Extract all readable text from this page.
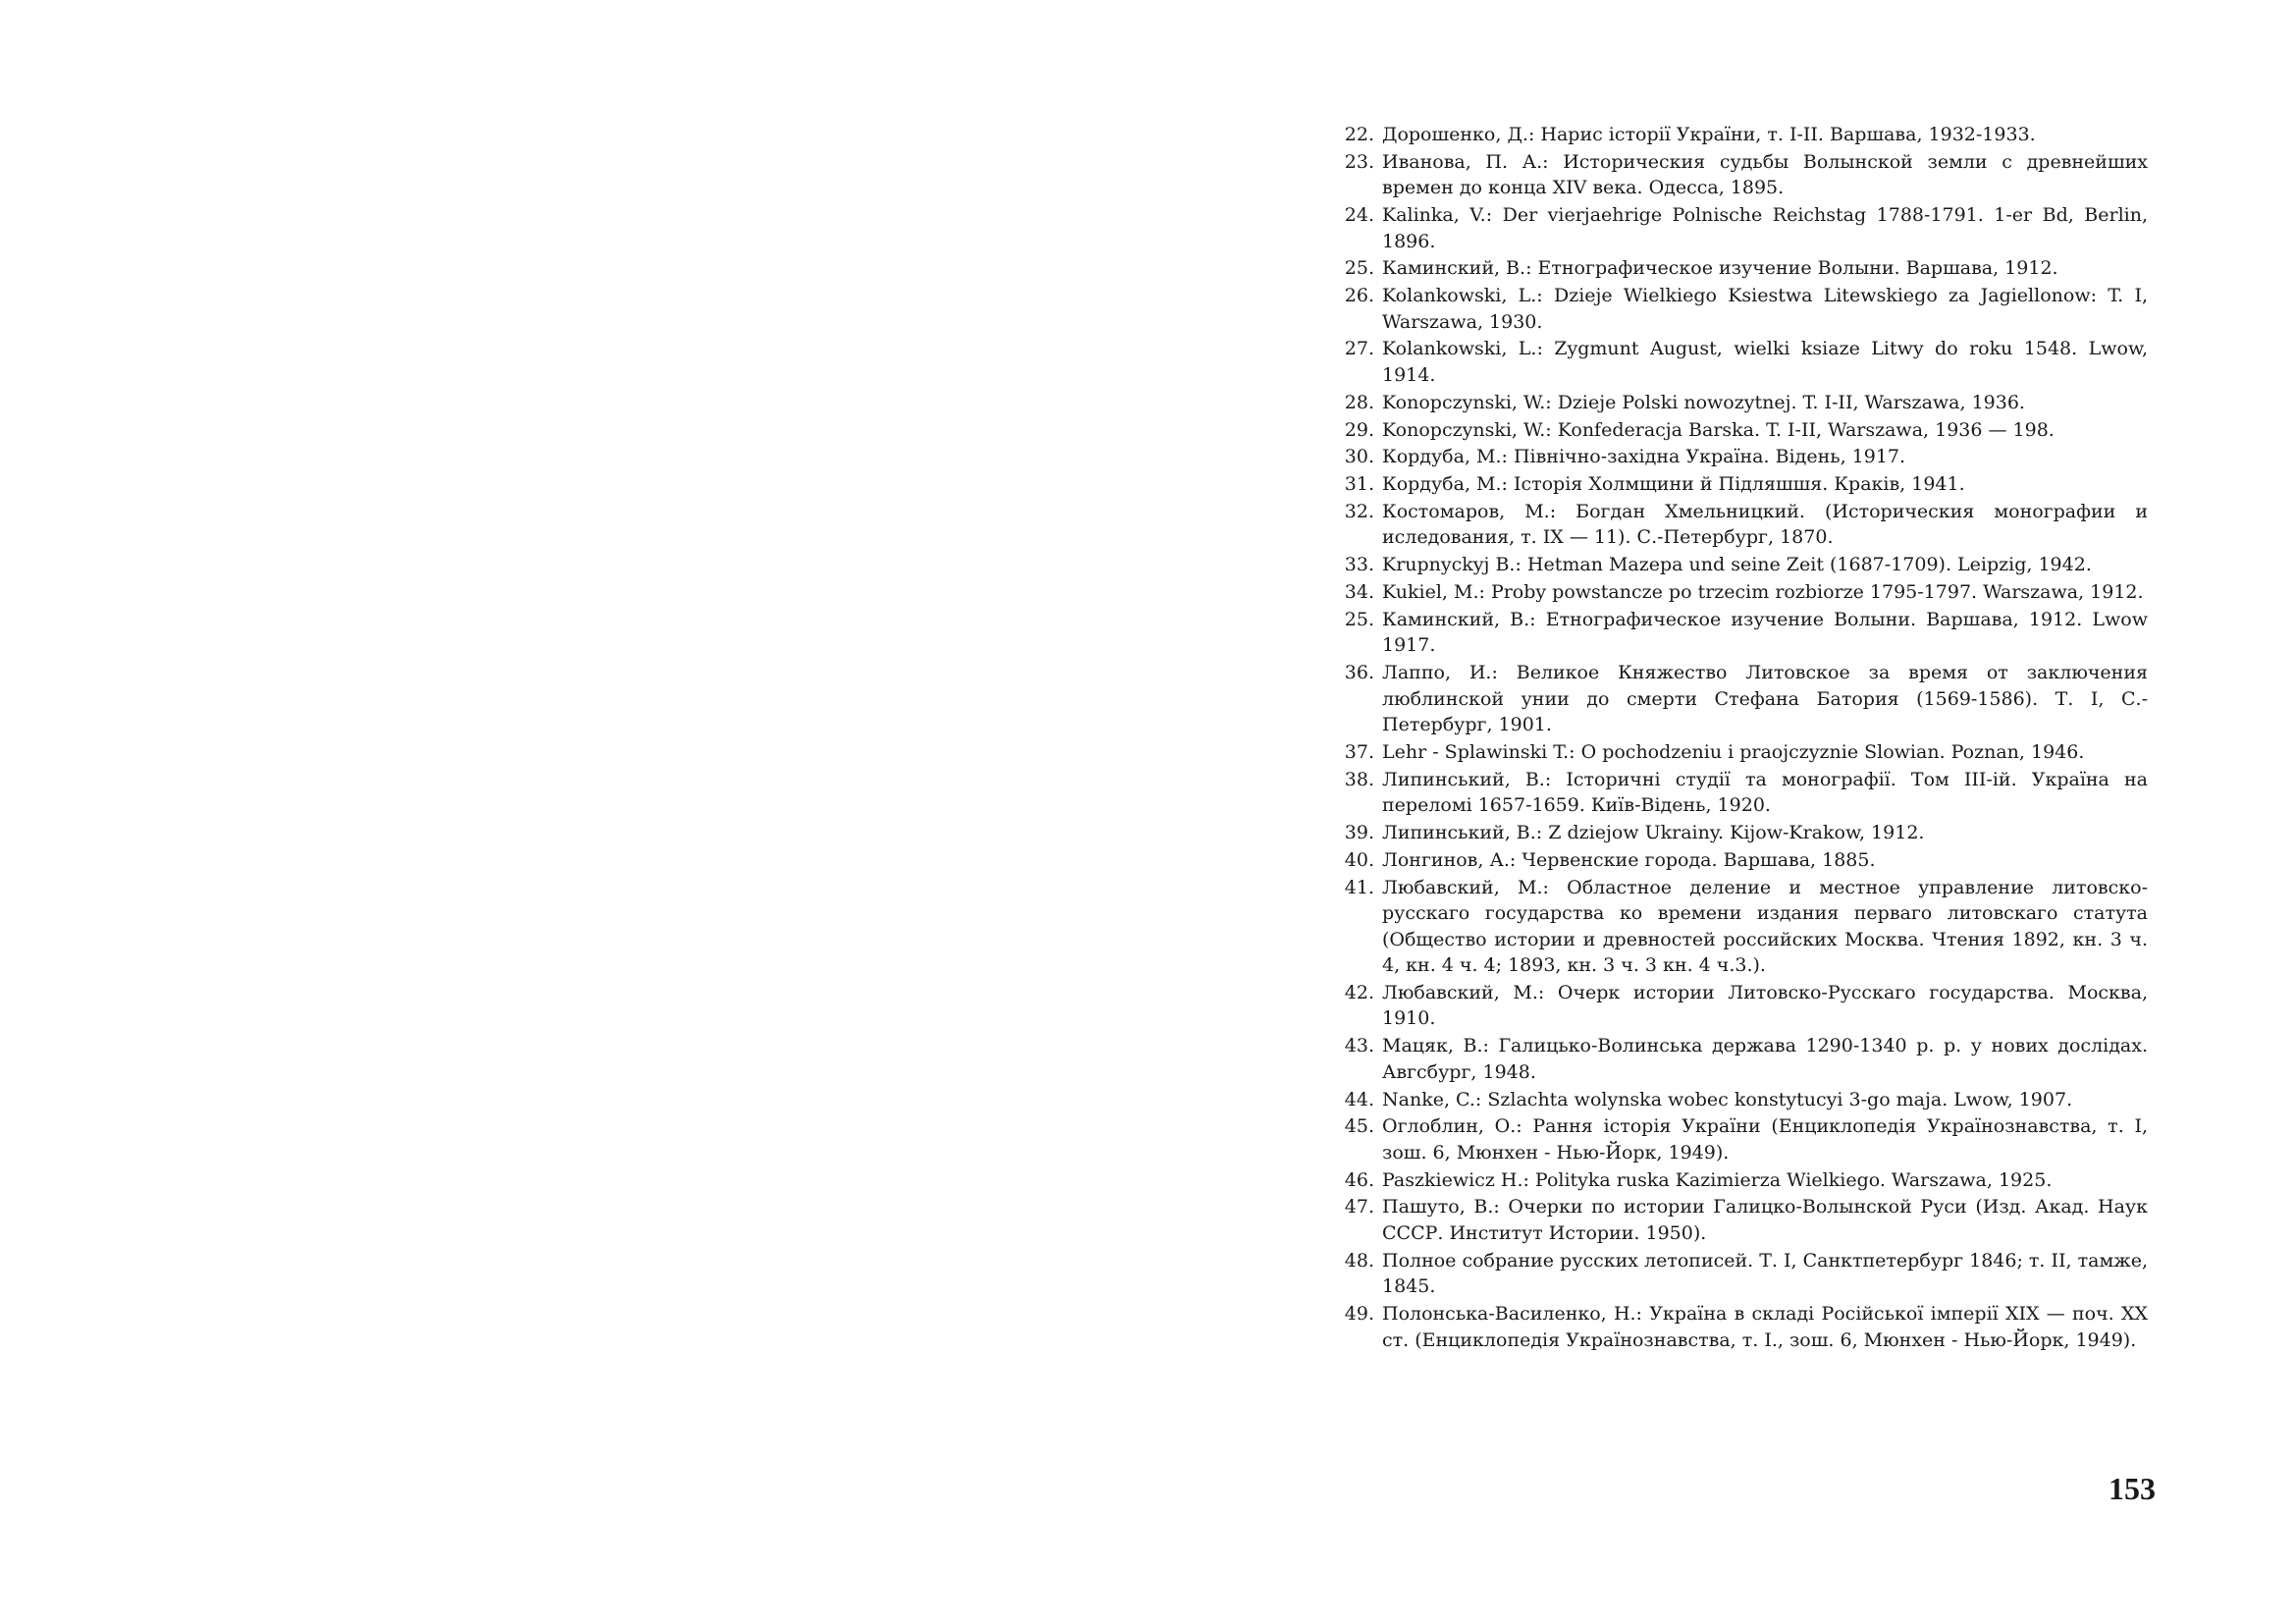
22. Дорошенко, Д.: Нарис історії України, т. I-II. Варшава, 1932-1933.
23. Иванова, П. А.: Историческия судьбы Волынской земли с древнейших времен до конца XIV века. Одесса, 1895.
24. Kalinka, V.: Der vierjaehrige Polnische Reichstag 1788-1791. 1-er Bd, Berlin, 1896.
25. Каминский, В.: Етнографическое изучение Волыни. Варшава, 1912.
26. Kolankowski, L.: Dzieje Wielkiego Ksiestwa Litewskiego za Jagiellonow: T. I, Warszawa, 1930.
27. Kolankowski, L.: Zygmunt August, wielki ksiaze Litwy do roku 1548. Lwow, 1914.
28. Konopczynski, W.: Dzieje Polski nowozytnej. T. I-II, Warszawa, 1936.
29. Konopczynski, W.: Konfederacja Barska. T. I-II, Warszawa, 1936 — 198.
30. Кордуба, М.: Північно-західна Україна. Відень, 1917.
31. Кордуба, М.: Історія Холмщини й Підляшшя. Краків, 1941.
32. Костомаров, М.: Богдан Хмельницкий. (Историческия монографии и иследования, т. IX — 11). С.-Петербург, 1870.
33. Krupnyckyj B.: Hetman Mazepa und seine Zeit (1687-1709). Leipzig, 1942.
34. Kukiel, M.: Proby powstancze po trzecim rozbiorze 1795-1797. Warszawa, 1912.
25. Каминский, В.: Етнографическое изучение Волыни. Варшава, 1912. Lwow 1917.
36. Лаппо, И.: Великое Княжество Литовское за время от заключения люблинской унии до смерти Стефана Батория (1569-1586). Т. I, С.-Петербург, 1901.
37. Lehr - Splawinski T.: O pochodzeniu i praojczyznie Slowian. Poznan, 1946.
38. Липинський, В.: Історичні студії та монографії. Том III-ій. Україна на переломі 1657-1659. Київ-Відень, 1920.
39. Липинський, В.: Z dziejow Ukrainy. Kijow-Krakow, 1912.
40. Лонгинов, А.: Червенские города. Варшава, 1885.
41. Любавский, М.: Областное деление и местное управление литовско-русскаго государства ко времени издания перваго литовскаго статута (Общество истории и древностей российских Москва. Чтения 1892, кн. 3 ч. 4, кн. 4 ч. 4; 1893, кн. 3 ч. 3 кн. 4 ч.3.).
42. Любавский, М.: Очерк истории Литовско-Русскаго государства. Москва, 1910.
43. Мацяк, В.: Галицько-Волинська держава 1290-1340 р. р. у нових дослідах. Авгсбург, 1948.
44. Nanke, C.: Szlachta wolynska wobec konstytucyi 3-go maja. Lwow, 1907.
45. Оглоблин, О.: Рання історія України (Енциклопедія Українознавства, т. I, зош. 6, Мюнхен - Нью-Йорк, 1949).
46. Paszkiewicz H.: Polityka ruska Kazimierza Wielkiego. Warszawa, 1925.
47. Пашуто, В.: Очерки по истории Галицко-Волынской Руси (Изд. Акад. Наук СССР. Институт Истории. 1950).
48. Полное собрание русских летописей. Т. I, Санктпетербург 1846; т. II, тамже, 1845.
49. Полонська-Василенко, Н.: Україна в складі Російської імперії XIX — поч. XX ст. (Енциклопедія Українознавства, т. I., зош. 6, Мюнхен - Нью-Йорк, 1949).
153
